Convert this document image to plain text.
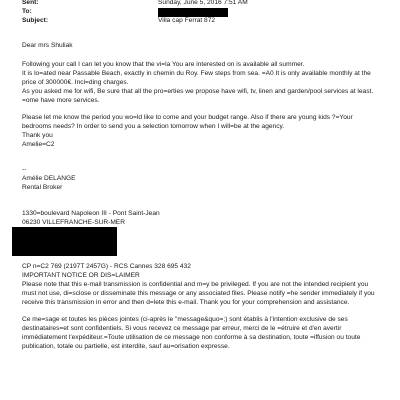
Sent:	Sunday, June 5, 2016 7:51 AM
To:
Subject:	Villa cap Ferrat 872
Dear mrs Shuliak
Following your call I can let you know that the vi=la You are interested on is available all summer.
It is lo=ated near Passable Beach, exactly in chemin du Roy. Few steps from sea. =A0 It is only available monthly at the
price of 300000€. Incl=ding charges.
As you asked me for wifi, Be sure that all the pro=erties we propose have wifi, tv, linen and garden/pool services at least.
=ome have more services.
Please let me know the period you wo=ld like to come and your budget range. Also if there are young kids ?=Your
bedrooms needs? In order to send you a selection tomorrow when I will=be at the agency.
Thank you
Amelie=C2
--
Amélie DELANGE
Rental Broker
1330=boulevard Napoleon III - Pont Saint-Jean
06230 VILLEFRANCHE-SUR-MER
CP n=C2 769 (2197T 2457G) - RCS Cannes 328 695 432
IMPORTANT NOTICE OR DIS=LAIMER
Please note that this e-mail transmission is confidential and m=y be privileged. If you are not the intended recipient you
must not use, di=sclose or disseminate this message or any associated files. Please notify =he sender immediately if you
receive this transmission in error and then d=lete this e-mail. Thank you for your comprehension and assistance.
Ce me=sage et toutes les pièces jointes (ci-après le "message&quo=;) sont établis à l'intention exclusive de ses
destinataires=et sont confidentiels. Si vous recevez ce message par erreur, merci de le =étruire et d'en avertir
immédiatement l'expéditeur.=Toute utilisation de ce message non conforme à sa destination, toute =iffusion ou toute
publication, totale ou partielle, est interdite, sauf au=orisation expresse.
